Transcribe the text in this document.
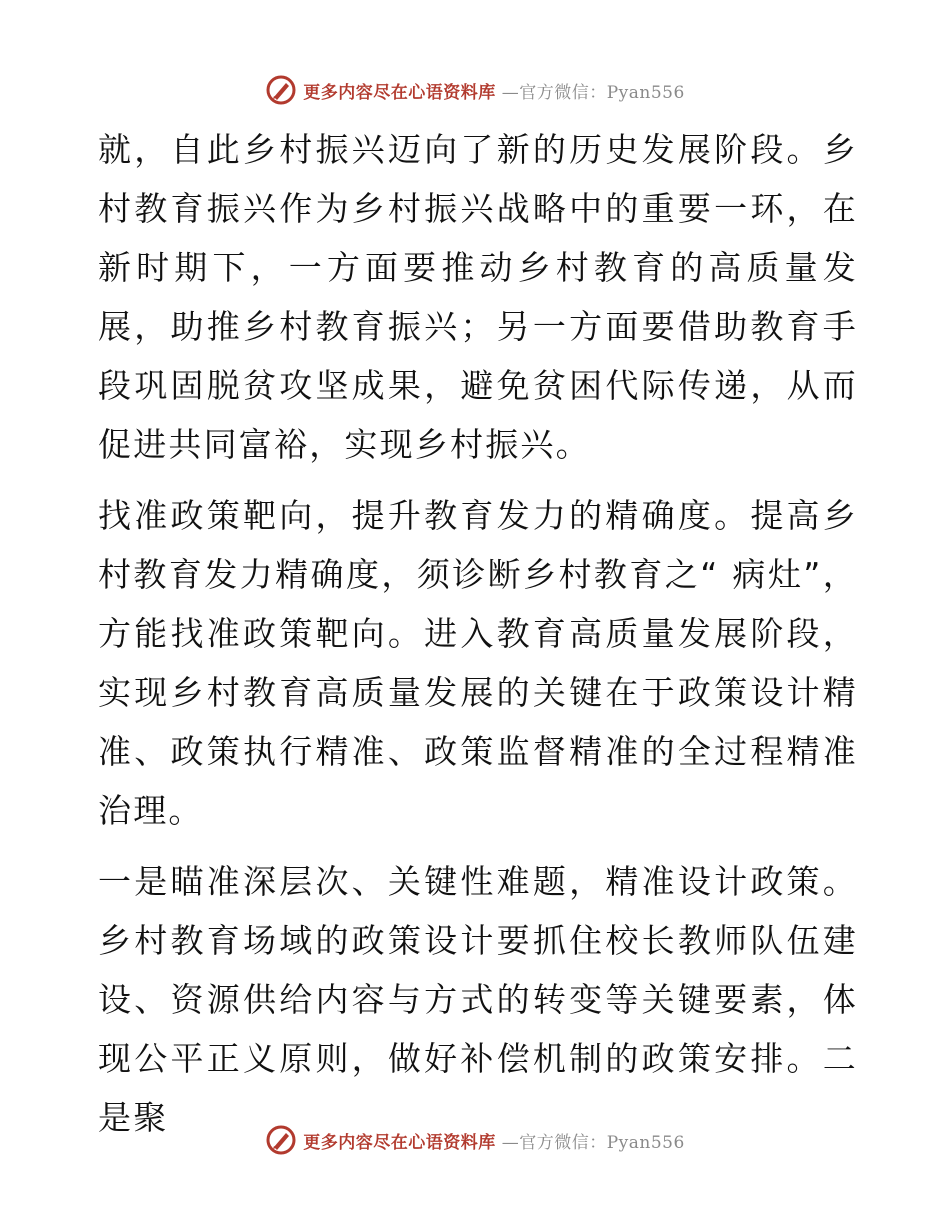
更多内容尽在心语资料库 —官方微信：Pyan556

就，自此乡村振兴迈向了新的历史发展阶段。乡村教育振兴作为乡村振兴战略中的重要一环，在新时期下，一方面要推动乡村教育的高质量发展，助推乡村教育振兴；另一方面要借助教育手段巩固脱贫攻坚成果，避免贫困代际传递，从而促进共同富裕，实现乡村振兴。

找准政策靶向，提升教育发力的精确度。提高乡村教育发力精确度，须诊断乡村教育之“ 病灶”，方能找准政策靶向。进入教育高质量发展阶段，实现乡村教育高质量发展的关键在于政策设计精准、政策执行精准、政策监督精准的全过程精准治理。

一是瞄准深层次、关键性难题，精准设计政策。乡村教育场域的政策设计要抓住校长教师队伍建设、资源供给内容与方式的转变等关键要素，体现公平正义原则，做好补偿机制的政策安排。二是聚

更多内容尽在心语资料库 —官方微信：Pyan556
